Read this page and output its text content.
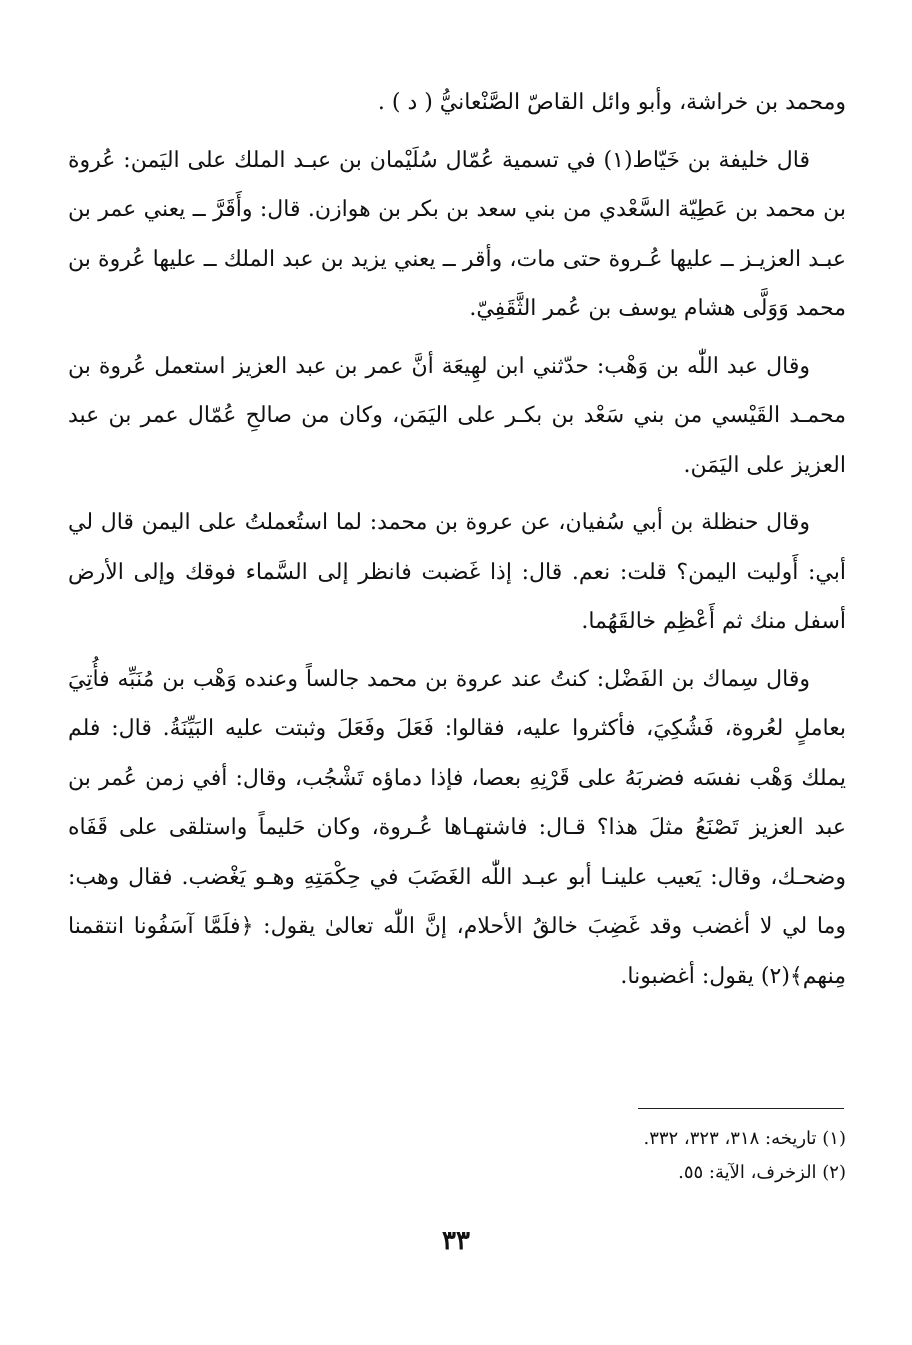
ومحمد بن خراشة، وأبو وائل القاصّ الصَّنْعانيُّ ( د ) .

قال خليفة بن خَيّاط(١) في تسمية عُمّال سُلَيْمان بن عبـد الملك على اليَمن: عُروة بن محمد بن عَطِيّة السَّعْدي من بني سعد بن بكر بن هوازن. قال: وأَقَرَّ ــ يعني عمر بن عبـد العزيـز ــ عليها عُـروة حتى مات، وأقر ــ يعني يزيد بن عبد الملك ــ عليها عُروة بن محمد وَوَلَّى هشام يوسف بن عُمر الثَّقَفِيّ.

وقال عبد اللّٰه بن وَهْب: حدّثني ابن لهِيعَة أنَّ عمر بن عبد العزيز استعمل عُروة بن محمـد القَيْسي من بني سَعْد بن بكـر على اليَمَن، وكان من صالحِ عُمّال عمر بن عبد العزيز على اليَمَن.

وقال حنظلة بن أبي سُفيان، عن عروة بن محمد: لما استُعملتُ على اليمن قال لي أبي: أَوليت اليمن؟ قلت: نعم. قال: إذا غَضبت فانظر إلى السَّماء فوقك وإلى الأرض أسفل منك ثم أَعْظِم خالقَهُما.

وقال سِماك بن الفَضْل: كنتُ عند عروة بن محمد جالساً وعنده وَهْب بن مُنَبِّه فأُتِيَ بعاملٍ لعُروة، فَشُكِيَ، فأكثروا عليه، فقالوا: فَعَلَ وفَعَلَ وثبتت عليه البَيِّنَةُ. قال: فلم يملك وَهْب نفسَه فضربَهُ على قَرْنِهِ بعصا، فإذا دماؤه تَشْجُب، وقال: أفي زمن عُمر بن عبد العزيز تَصْنَعُ مثلَ هذا؟ قـال: فاشتهـاها عُـروة، وكان حَليماً واستلقى على قَفَاه وضحـك، وقال: يَعيب علينـا أبو عبـد اللّٰه الغَضَبَ في حِكْمَتِهِ وهـو يَغْضب. فقال وهب: وما لي لا أغضب وقد غَضِبَ خالقُ الأحلام، إنَّ اللّٰه تعالىٰ يقول: ﴿فلَمَّا آسَفُونا انتقمنا مِنهم﴾(٢) يقول: أغضبونا.

(١) تاريخه: ٣١٨، ٣٢٣، ٣٣٢.

(٢) الزخرف، الآية: ٥٥.

٣٣
